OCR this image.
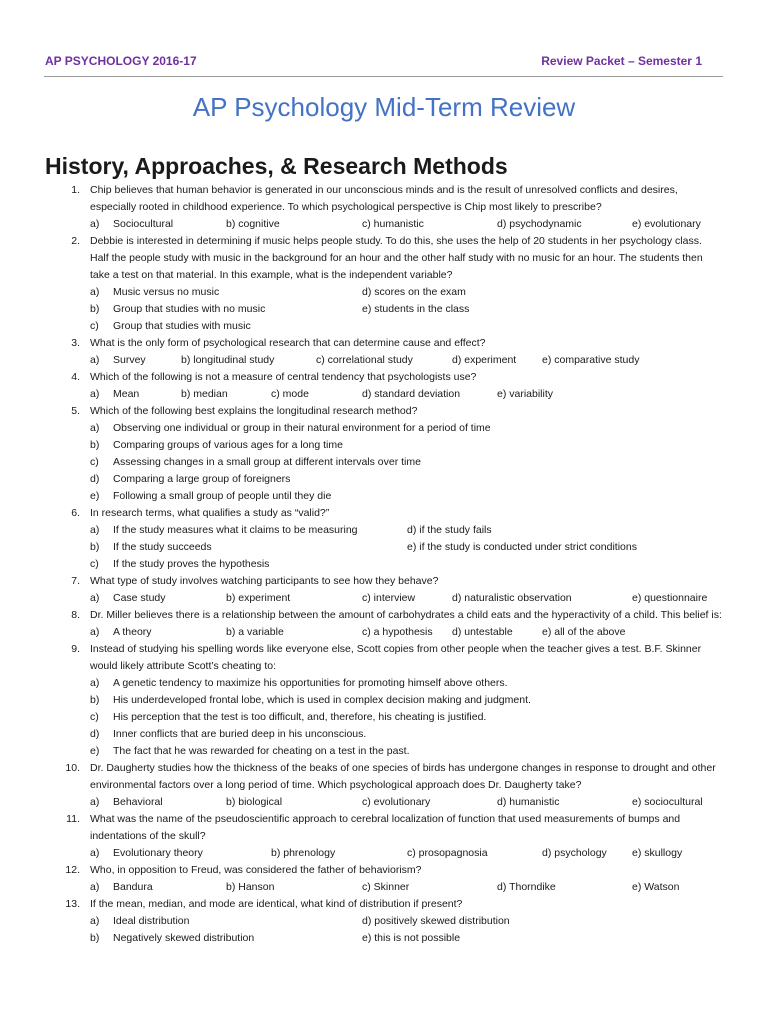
AP PSYCHOLOGY 2016-17	Review Packet – Semester 1
AP Psychology Mid-Term Review
History, Approaches, & Research Methods
1. Chip believes that human behavior is generated in our unconscious minds and is the result of unresolved conflicts and desires, especially rooted in childhood experience. To which psychological perspective is Chip most likely to prescribe?
a) Sociocultural	b) cognitive	c) humanistic	d) psychodynamic	e) evolutionary
2. Debbie is interested in determining if music helps people study. To do this, she uses the help of 20 students in her psychology class. Half the people study with music in the background for an hour and the other half study with no music for an hour. The students then take a test on that material. In this example, what is the independent variable?
a) Music versus no music	d) scores on the exam
b) Group that studies with no music	e) students in the class
c) Group that studies with music
3. What is the only form of psychological research that can determine cause and effect?
a) Survey	b) longitudinal study	c) correlational study	d) experiment e) comparative study
4. Which of the following is not a measure of central tendency that psychologists use?
a) Mean	b) median	c) mode	d) standard deviation	e) variability
5. Which of the following best explains the longitudinal research method?
a) Observing one individual or group in their natural environment for a period of time
b) Comparing groups of various ages for a long time
c) Assessing changes in a small group at different intervals over time
d) Comparing a large group of foreigners
e) Following a small group of people until they die
6. In research terms, what qualifies a study as “valid?”
a) If the study measures what it claims to be measuring	d) if the study fails
b) If the study succeeds	e) if the study is conducted under strict conditions
c) If the study proves the hypothesis
7. What type of study involves watching participants to see how they behave?
a) Case study	b) experiment	c) interview	d) naturalistic observation	e) questionnaire
8. Dr. Miller believes there is a relationship between the amount of carbohydrates a child eats and the hyperactivity of a child. This belief is:
a) A theory	b) a variable	c) a hypothesis d) untestable	e) all of the above
9. Instead of studying his spelling words like everyone else, Scott copies from other people when the teacher gives a test. B.F. Skinner would likely attribute Scott’s cheating to:
a) A genetic tendency to maximize his opportunities for promoting himself above others.
b) His underdeveloped frontal lobe, which is used in complex decision making and judgment.
c) His perception that the test is too difficult, and, therefore, his cheating is justified.
d) Inner conflicts that are buried deep in his unconscious.
e) The fact that he was rewarded for cheating on a test in the past.
10. Dr. Daugherty studies how the thickness of the beaks of one species of birds has undergone changes in response to drought and other environmental factors over a long period of time. Which psychological approach does Dr. Daugherty take?
a) Behavioral	b) biological	c) evolutionary	d) humanistic	e) sociocultural
11. What was the name of the pseudoscientific approach to cerebral localization of function that used measurements of bumps and indentations of the skull?
a) Evolutionary theory	b) phrenology	c) prosopagnosia	d) psychology e) skullogy
12. Who, in opposition to Freud, was considered the father of behaviorism?
a) Bandura	b) Hanson	c) Skinner	d) Thorndike	e) Watson
13. If the mean, median, and mode are identical, what kind of distribution if present?
a) Ideal distribution	d) positively skewed distribution
b) Negatively skewed distribution	e) this is not possible
